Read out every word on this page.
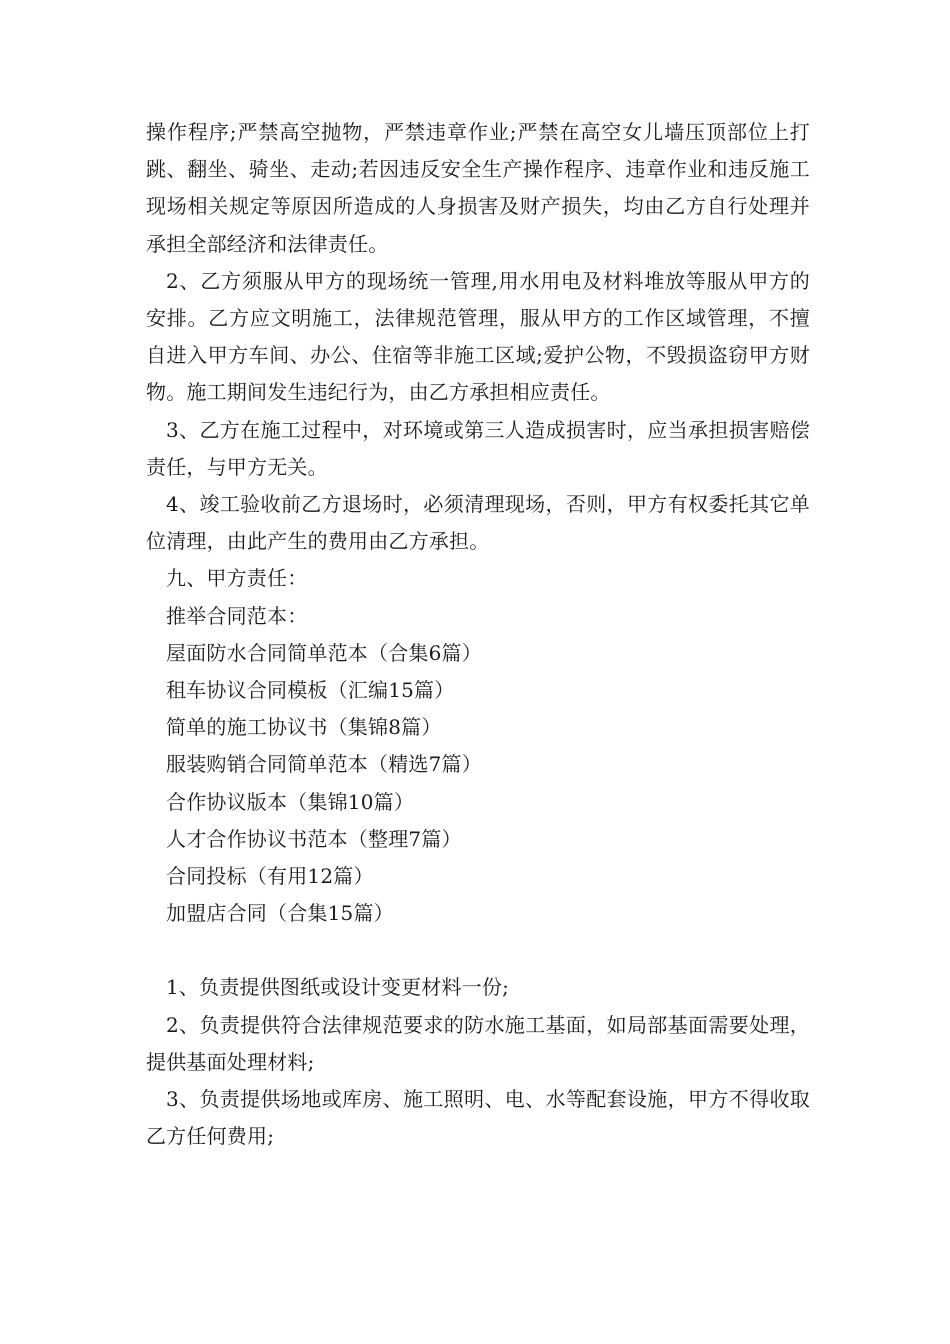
操作程序;严禁高空抛物，严禁违章作业;严禁在高空女儿墙压顶部位上打跳、翻坐、骑坐、走动;若因违反安全生产操作程序、违章作业和违反施工现场相关规定等原因所造成的人身损害及财产损失，均由乙方自行处理并承担全部经济和法律责任。

2、乙方须服从甲方的现场统一管理,用水用电及材料堆放等服从甲方的安排。乙方应文明施工，法律规范管理，服从甲方的工作区域管理，不擅自进入甲方车间、办公、住宿等非施工区域;爱护公物，不毁损盗窃甲方财物。施工期间发生违纪行为，由乙方承担相应责任。

3、乙方在施工过程中，对环境或第三人造成损害时，应当承担损害赔偿责任，与甲方无关。

4、竣工验收前乙方退场时，必须清理现场，否则，甲方有权委托其它单位清理，由此产生的费用由乙方承担。

九、甲方责任：

推举合同范本：

屋面防水合同简单范本（合集6篇）
租车协议合同模板（汇编15篇）
简单的施工协议书（集锦8篇）
服装购销合同简单范本（精选7篇）
合作协议版本（集锦10篇）
人才合作协议书范本（整理7篇）
合同投标（有用12篇）
加盟店合同（合集15篇）

1、负责提供图纸或设计变更材料一份;

2、负责提供符合法律规范要求的防水施工基面，如局部基面需要处理，提供基面处理材料;

3、负责提供场地或库房、施工照明、电、水等配套设施，甲方不得收取乙方任何费用;
